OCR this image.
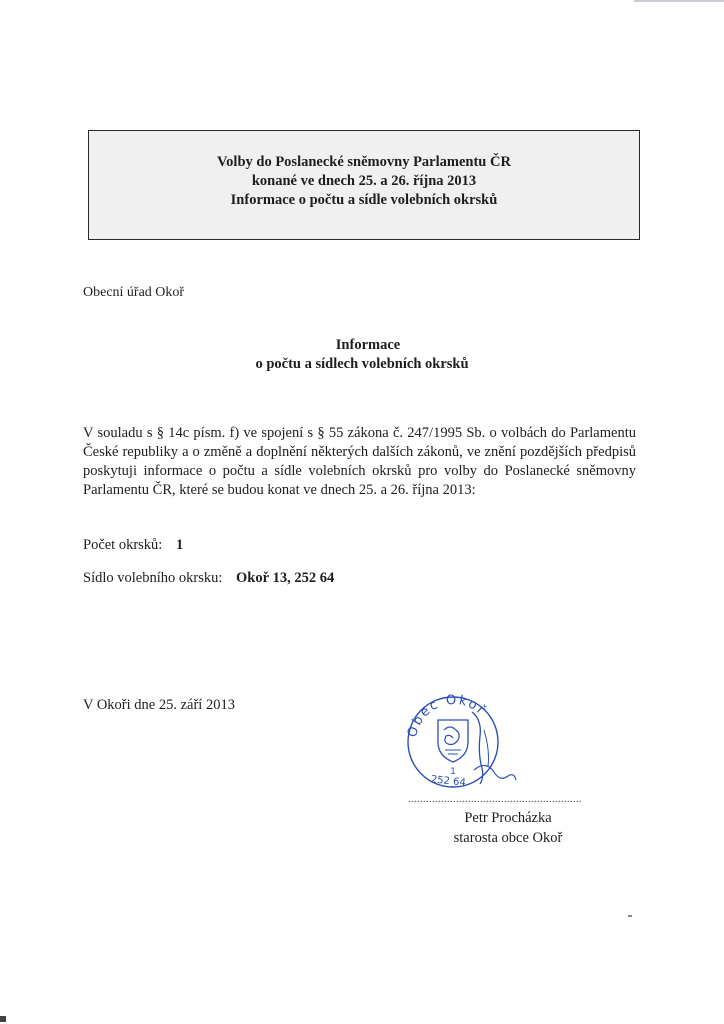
Volby do Poslanecké sněmovny Parlamentu ČR
konané ve dnech 25. a 26. října 2013
Informace o počtu a sídle volebních okrsků
Obecní úřad Okoř
Informace
o počtu a sídlech volebních okrsků
V souladu s § 14c písm. f) ve spojení s § 55 zákona č. 247/1995 Sb. o volbách do Parlamentu
České republiky a o změně a doplnění některých dalších zákonů, ve znění pozdějších předpisů
poskytuji informace o počtu a sídle volebních okrsků pro volby do Poslanecké sněmovny
Parlamentu ČR, které se budou konat ve dnech 25. a 26. října 2013:
Počet okrsků: 1
Sídlo volebního okrsku: Okoř 13, 252 64
V Okoři dne 25. září 2013
Obec Okoř
1
252 64
..........................................................
Petr Procházka
starosta obce Okoř
